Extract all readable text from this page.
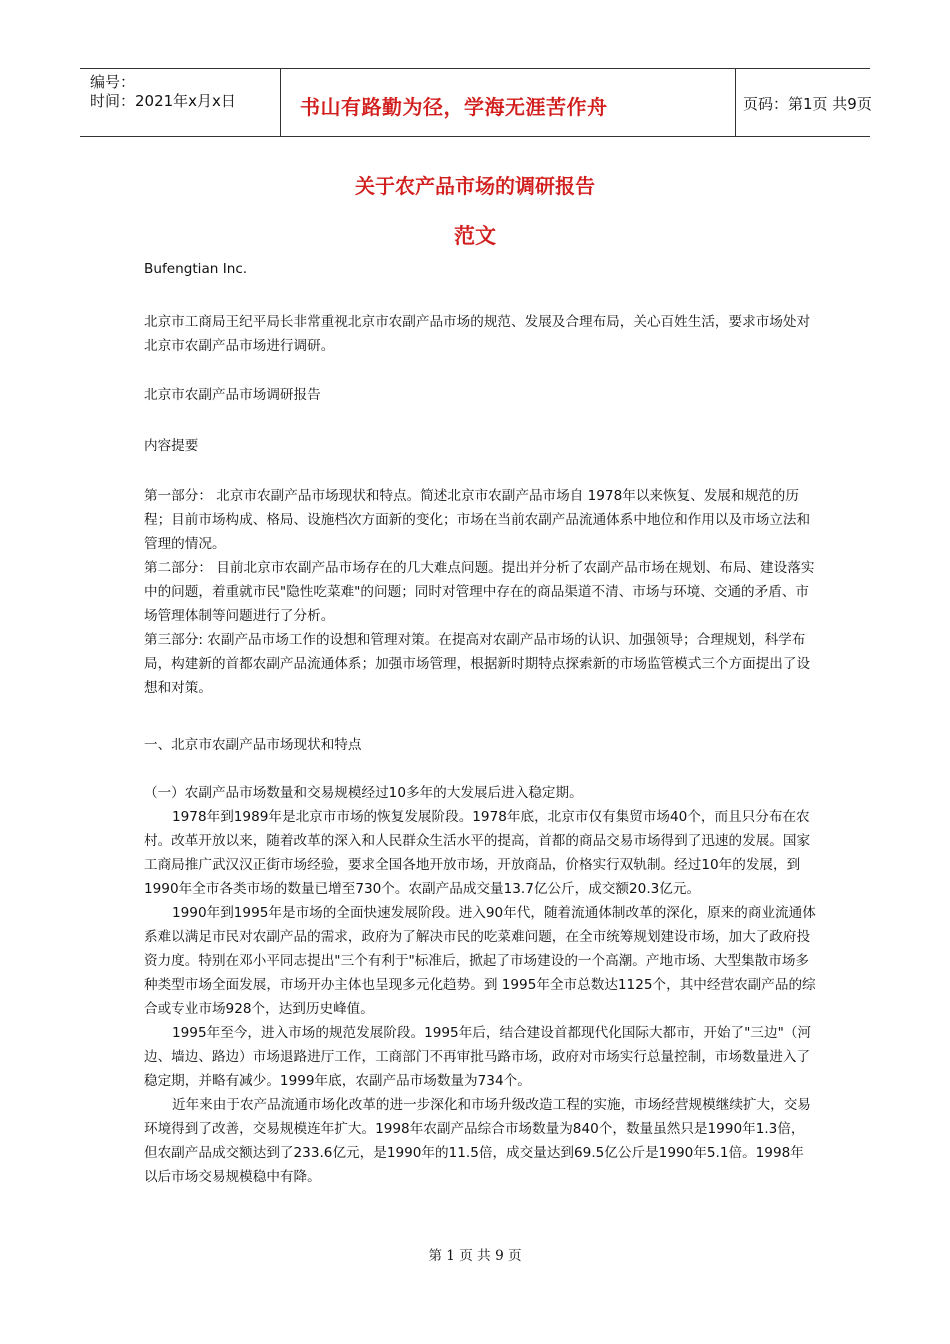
编号：
时间：2021年x月x日	书山有路勤为径，学海无涯苦作舟	页码：第1页 共9页
关于农产品市场的调研报告
范文
Bufengtian Inc.
北京市工商局王纪平局长非常重视北京市农副产品市场的规范、发展及合理布局，关心百姓生活，要求市场处对北京市农副产品市场进行调研。
北京市农副产品市场调研报告
内容提要

第一部分： 北京市农副产品市场现状和特点。简述北京市农副产品市场自 1978年以来恢复、发展和规范的历程；目前市场构成、格局、设施档次方面新的变化；市场在当前农副产品流通体系中地位和作用以及市场立法和管理的情况。

第二部分： 目前北京市农副产品市场存在的几大难点问题。提出并分析了农副产品市场在规划、布局、建设落实中的问题，着重就市民"隐性吃菜难"的问题；同时对管理中存在的商品渠道不清、市场与环境、交通的矛盾、市场管理体制等问题进行了分析。

第三部分: 农副产品市场工作的设想和管理对策。在提高对农副产品市场的认识、加强领导；合理规划，科学布局，构建新的首都农副产品流通体系；加强市场管理，根据新时期特点探索新的市场监管模式三个方面提出了设想和对策。

一、北京市农副产品市场现状和特点

（一）农副产品市场数量和交易规模经过10多年的大发展后进入稳定期。

1978年到1989年是北京市市场的恢复发展阶段。1978年底，北京市仅有集贸市场40个，而且只分布在农村。改革开放以来，随着改革的深入和人民群众生活水平的提高，首都的商品交易市场得到了迅速的发展。国家工商局推广武汉汉正街市场经验，要求全国各地开放市场，开放商品，价格实行双轨制。经过10年的发展，到1990年全市各类市场的数量已增至730个。农副产品成交量13.7亿公斤，成交额20.3亿元。

1990年到1995年是市场的全面快速发展阶段。进入90年代，随着流通体制改革的深化，原来的商业流通体系难以满足市民对农副产品的需求，政府为了解决市民的吃菜难问题，在全市统筹规划建设市场，加大了政府投资力度。特别在邓小平同志提出"三个有利于"标准后，掀起了市场建设的一个高潮。产地市场、大型集散市场多种类型市场全面发展，市场开办主体也呈现多元化趋势。到 1995年全市总数达1125个，其中经营农副产品的综合或专业市场928个，达到历史峰值。

1995年至今，进入市场的规范发展阶段。1995年后，结合建设首都现代化国际大都市，开始了"三边"（河边、墙边、路边）市场退路进厅工作，工商部门不再审批马路市场，政府对市场实行总量控制，市场数量进入了稳定期，并略有减少。1999年底，农副产品市场数量为734个。

近年来由于农产品流通市场化改革的进一步深化和市场升级改造工程的实施，市场经营规模继续扩大，交易环境得到了改善，交易规模连年扩大。1998年农副产品综合市场数量为840个，数量虽然只是1990年1.3倍，但农副产品成交额达到了233.6亿元，是1990年的11.5倍，成交量达到69.5亿公斤是1990年5.1倍。1998年以后市场交易规模稳中有降。

第 1 页 共 9 页
